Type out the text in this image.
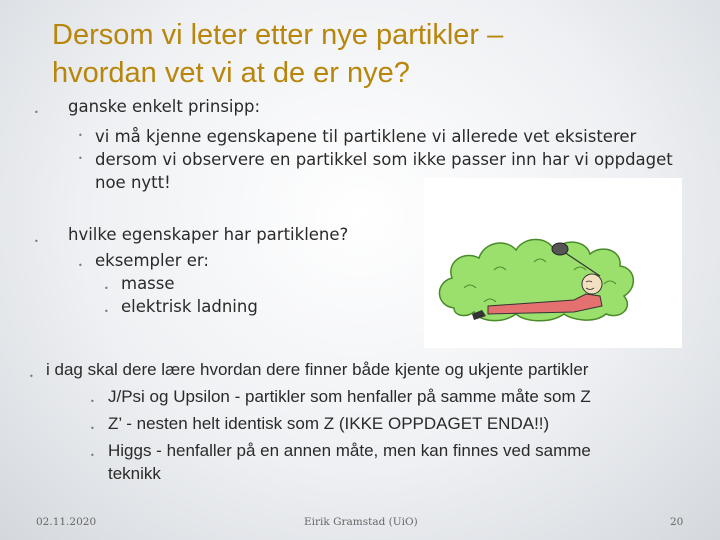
Dersom vi leter etter nye partikler –
hvordan vet vi at de er nye?
• ganske enkelt prinsipp:
• vi må kjenne egenskapene til partiklene vi allerede vet eksisterer
• dersom vi observere en partikkel som ikke passer inn har vi oppdaget
noe nytt!
• hvilke egenskaper har partiklene?
• eksempler er:
• masse
• elektrisk ladning
• i dag skal dere lære hvordan dere finner både kjente og ukjente partikler
• J/Psi og Upsilon - partikler som henfaller på samme måte som Z
• Z’ - nesten helt identisk som Z (IKKE OPPDAGET ENDA!!)
• Higgs - henfaller på en annen måte, men kan finnes ved samme
teknikk
02.11.2020	Eirik Gramstad (UiO)	20
